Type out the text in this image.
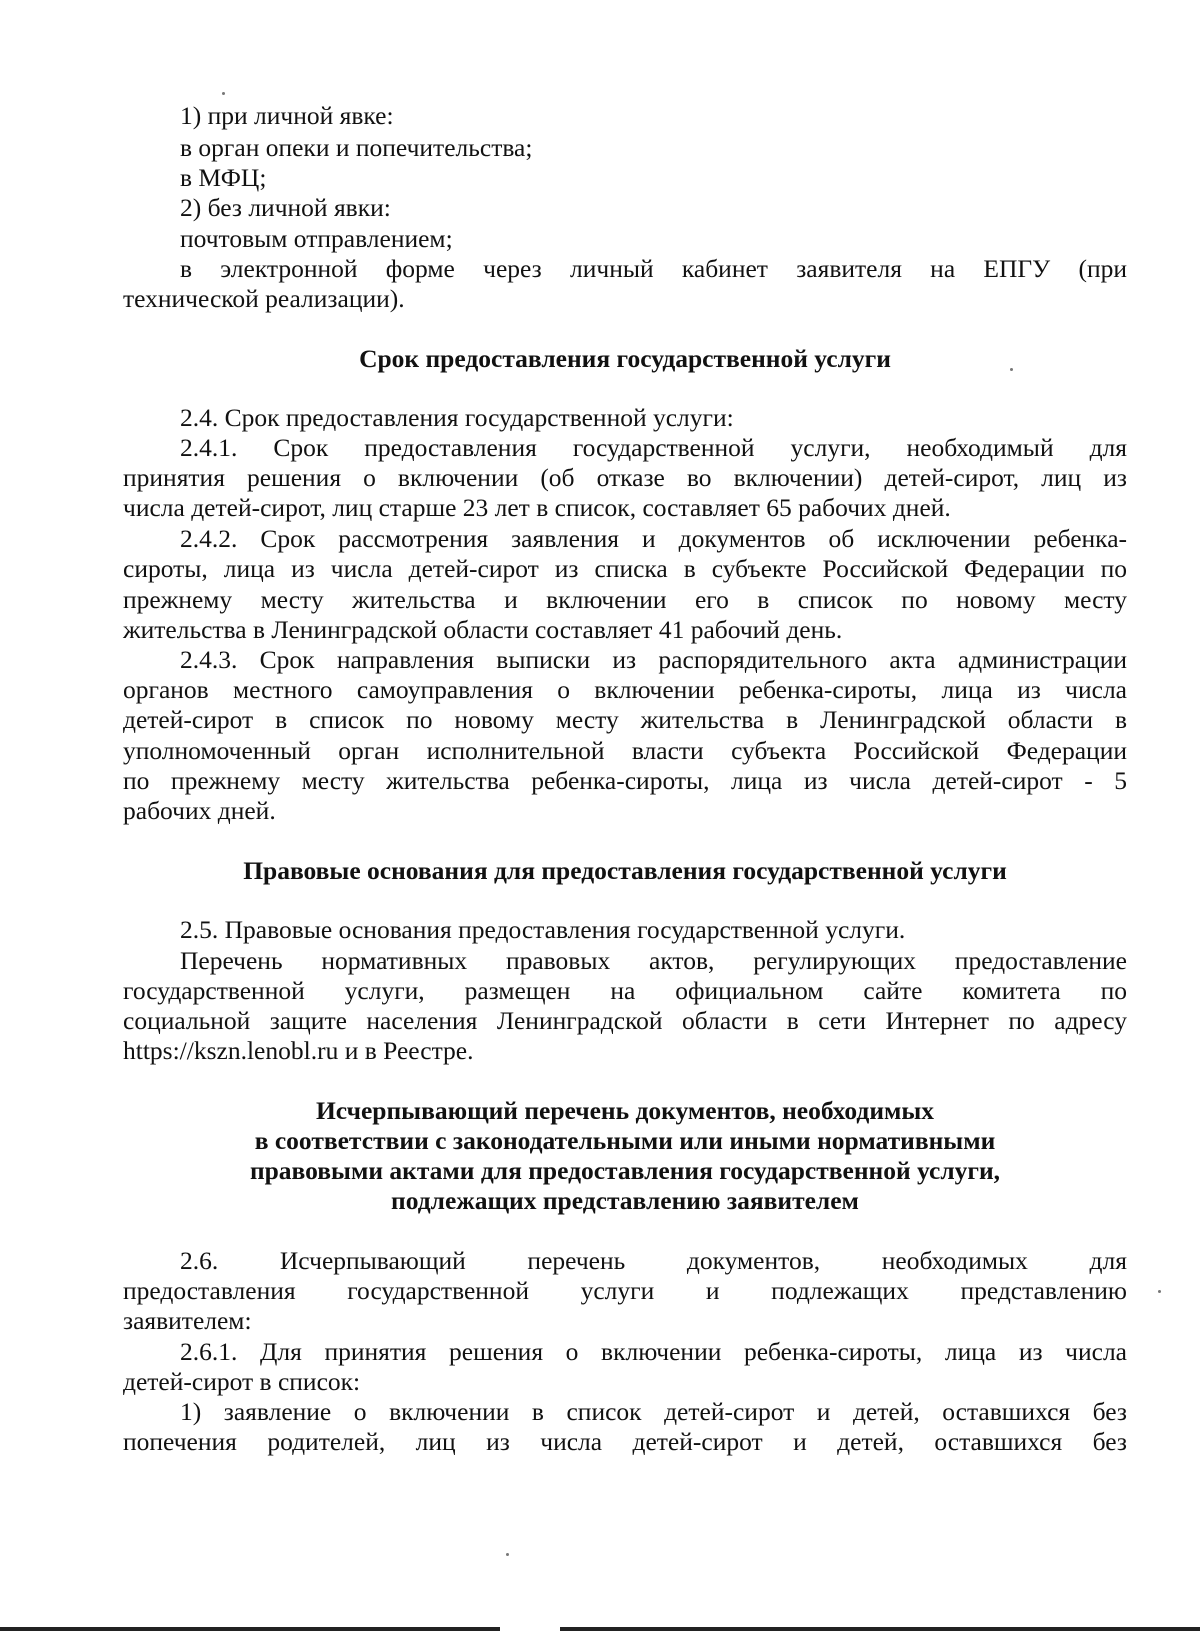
1) при личной явке:
в орган опеки и попечительства;
в МФЦ;
2) без личной явки:
почтовым отправлением;
в электронной форме через личный кабинет заявителя на ЕПГУ (при
технической реализации).
Срок предоставления государственной услуги
2.4. Срок предоставления государственной услуги:
2.4.1. Срок предоставления государственной услуги, необходимый для
принятия решения о включении (об отказе во включении) детей-сирот, лиц из
числа детей-сирот, лиц старше 23 лет в список, составляет 65 рабочих дней.
2.4.2. Срок рассмотрения заявления и документов об исключении ребенка-
сироты, лица из числа детей-сирот из списка в субъекте Российской Федерации по
прежнему месту жительства и включении его в список по новому месту
жительства в Ленинградской области составляет 41 рабочий день.
2.4.3. Срок направления выписки из распорядительного акта администрации
органов местного самоуправления о включении ребенка-сироты, лица из числа
детей-сирот в список по новому месту жительства в Ленинградской области в
уполномоченный орган исполнительной власти субъекта Российской Федерации
по прежнему месту жительства ребенка-сироты, лица из числа детей-сирот - 5
рабочих дней.
Правовые основания для предоставления государственной услуги
2.5. Правовые основания предоставления государственной услуги.
Перечень нормативных правовых актов, регулирующих предоставление
государственной услуги, размещен на официальном сайте комитета по
социальной защите населения Ленинградской области в сети Интернет по адресу
https://kszn.lenobl.ru и в Реестре.
Исчерпывающий перечень документов, необходимых
в соответствии с законодательными или иными нормативными
правовыми актами для предоставления государственной услуги,
подлежащих представлению заявителем
2.6. Исчерпывающий перечень документов, необходимых для
предоставления государственной услуги и подлежащих представлению
заявителем:
2.6.1. Для принятия решения о включении ребенка-сироты, лица из числа
детей-сирот в список:
1) заявление о включении в список детей-сирот и детей, оставшихся без
попечения родителей, лиц из числа детей-сирот и детей, оставшихся без
